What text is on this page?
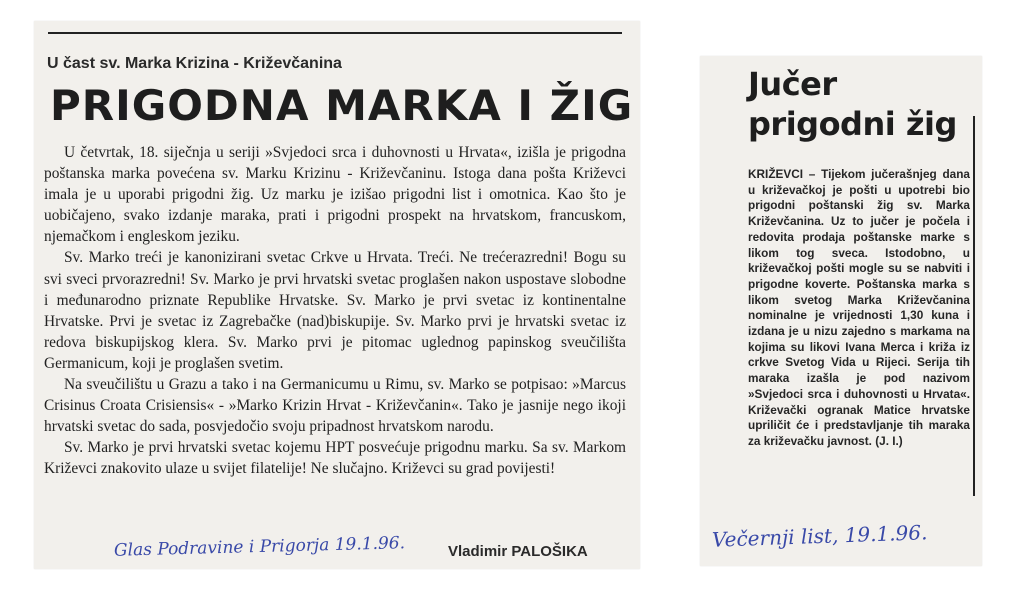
U čast sv. Marka Krizina - Križevčanina
PRIGODNA MARKA I ŽIG

U četvrtak, 18. siječnja u seriji »Svjedoci srca i duhovnosti u Hrvata«, izišla je prigodna poštanska marka povećena sv. Marku Krizinu - Križevčaninu. Istoga dana pošta Križevci imala je u uporabi prigodni žig. Uz marku je izišao prigodni list i omotnica. Kao što je uobičajeno, svako izdanje maraka, prati i prigodni prospekt na hrvatskom, francuskom, njemačkom i engleskom jeziku.

Sv. Marko treći je kanonizirani svetac Crkve u Hrvata. Treći. Ne trećerazredni! Bogu su svi sveci prvorazredni! Sv. Marko je prvi hrvatski svetac proglašen nakon uspostave slobodne i međunarodno priznate Republike Hrvatske. Sv. Marko je prvi svetac iz kontinentalne Hrvatske. Prvi je svetac iz Zagrebačke (nad)biskupije. Sv. Marko prvi je hrvatski svetac iz redova biskupijskog klera. Sv. Marko prvi je pitomac uglednog papinskog sveučilišta Germanicum, koji je proglašen svetim.

Na sveučilištu u Grazu a tako i na Germanicumu u Rimu, sv. Marko se potpisao: »Marcus Crisinus Croata Crisiensis« - »Marko Krizin Hrvat - Križevčanin«. Tako je jasnije nego ikoji hrvatski svetac do sada, posvjedočio svoju pripadnost hrvatskom narodu.

Sv. Marko je prvi hrvatski svetac kojemu HPT posvećuje prigodnu marku. Sa sv. Markom Križevci znakovito ulaze u svijet filatelije! Ne slučajno. Križevci su grad povijesti!

Glas Podravine i Prigorja 19.1.96.	Vladimir PALOŠIKA
Jučer
prigodni žig
KRIŽEVCI – Tijekom jučerašnjeg dana u križevačkoj je pošti u upotrebi bio prigodni poštanski žig sv. Marka Križevčanina. Uz to jučer je počela i redovita prodaja poštanske marke s likom tog sveca. Istodobno, u križevačkoj pošti mogle su se nabviti i prigodne koverte. Poštanska marka s likom svetog Marka Križevčanina nominalne je vrijednosti 1,30 kuna i izdana je u nizu zajedno s markama na kojima su likovi Ivana Merca i križa iz crkve Svetog Vida u Rijeci. Serija tih maraka izašla je pod nazivom »Svjedoci srca i duhovnosti u Hrvata«. Križevački ogranak Matice hrvatske upriličit će i predstavljanje tih maraka za križevačku javnost. (J. I.)
Večernji list, 19.1.96.
